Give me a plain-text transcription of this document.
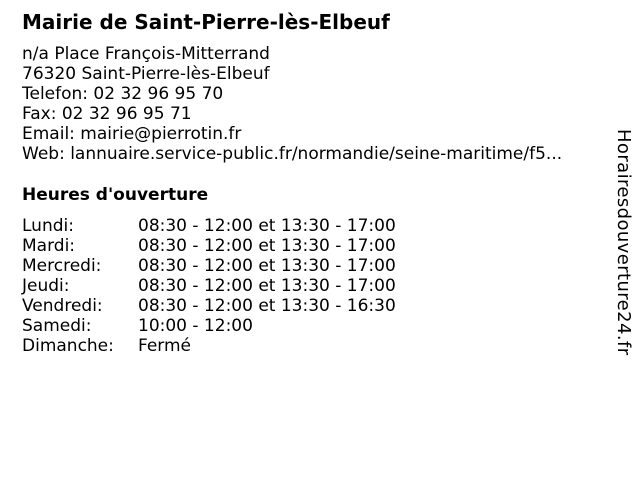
Mairie de Saint-Pierre-lès-Elbeuf
n/a Place François-Mitterrand
76320 Saint-Pierre-lès-Elbeuf
Telefon: 02 32 96 95 70
Fax: 02 32 96 95 71
Email: mairie@pierrotin.fr
Web: lannuaire.service-public.fr/normandie/seine-maritime/f5...
Heures d'ouverture
Lundi:	08:30 - 12:00 et 13:30 - 17:00
Mardi:	08:30 - 12:00 et 13:30 - 17:00
Mercredi:	08:30 - 12:00 et 13:30 - 17:00
Jeudi:	08:30 - 12:00 et 13:30 - 17:00
Vendredi:	08:30 - 12:00 et 13:30 - 16:30
Samedi:	10:00 - 12:00
Dimanche:	Fermé	Horairesdouverture24.fr
